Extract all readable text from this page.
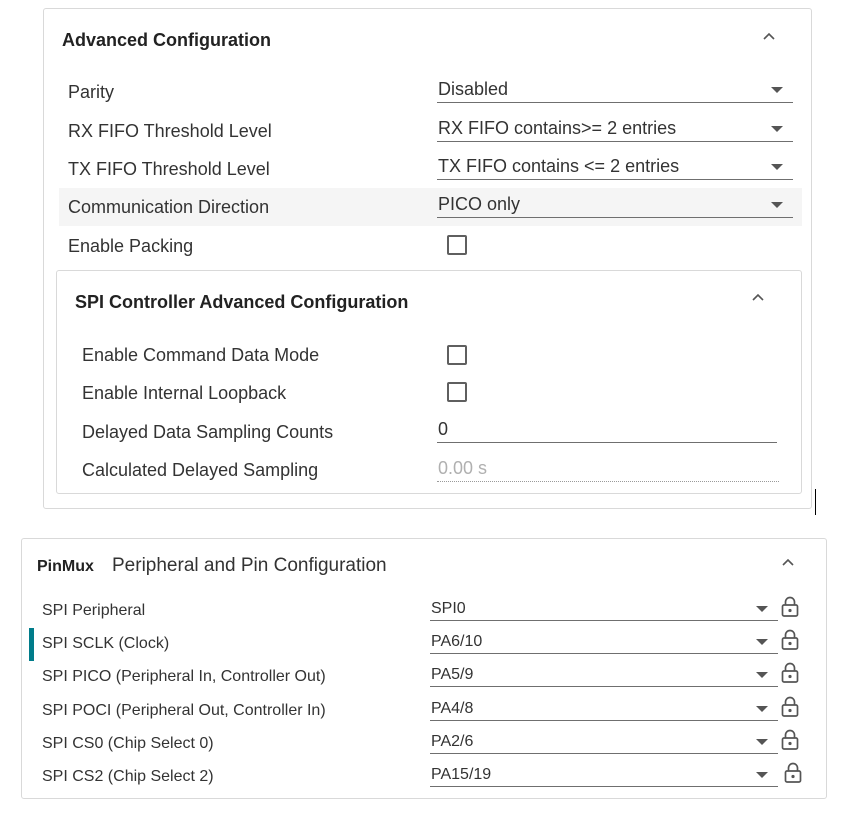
Advanced Configuration
Parity	Disabled
RX FIFO Threshold Level	RX FIFO contains>= 2 entries
TX FIFO Threshold Level	TX FIFO contains <= 2 entries
Communication Direction	PICO only
Enable Packing
SPI Controller Advanced Configuration
Enable Command Data Mode
Enable Internal Loopback
Delayed Data Sampling Counts	0
Calculated Delayed Sampling	0.00 s
PinMux Peripheral and Pin Configuration
SPI Peripheral	SPI0
SPI SCLK (Clock)	PA6/10
SPI PICO (Peripheral In, Controller Out)	PA5/9
SPI POCI (Peripheral Out, Controller In)	PA4/8
SPI CS0 (Chip Select 0)	PA2/6
SPI CS2 (Chip Select 2)	PA15/19
